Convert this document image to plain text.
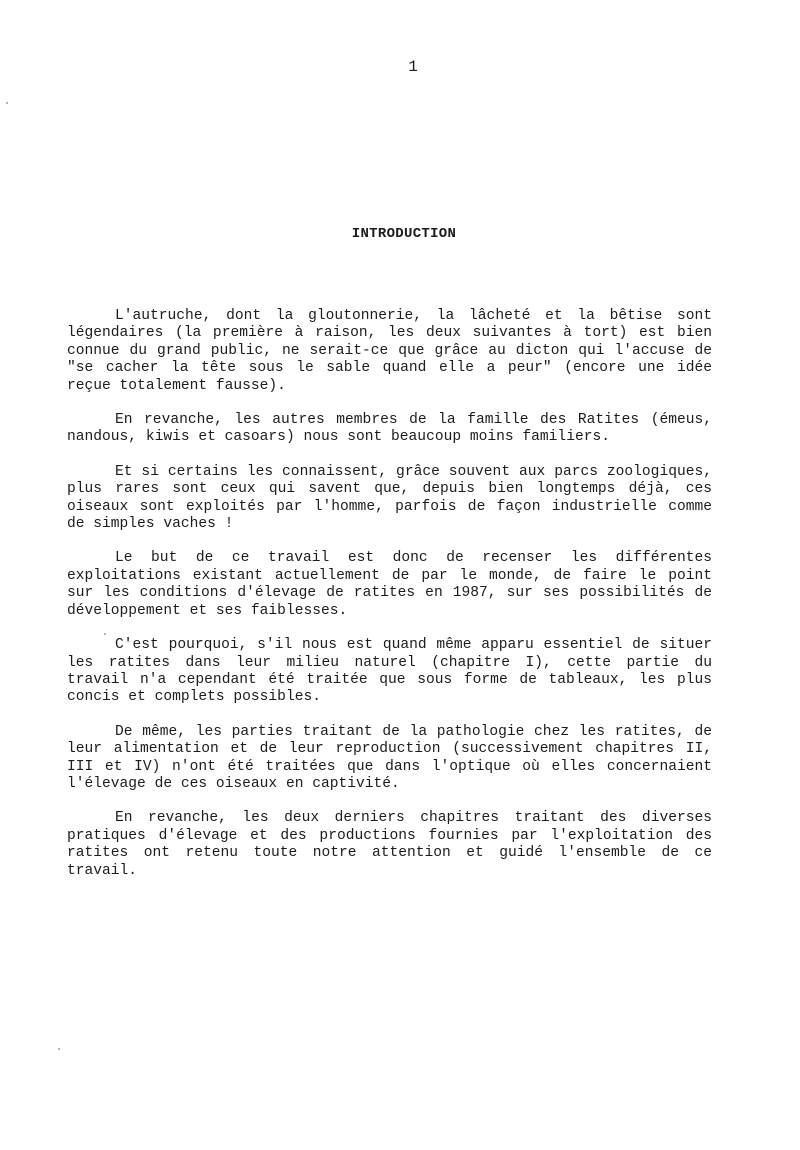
1
INTRODUCTION

L'autruche, dont la gloutonnerie, la lâcheté et la bêtise sont légendaires (la première à raison, les deux suivantes à tort) est bien connue du grand public, ne serait-ce que grâce au dicton qui l'accuse de "se cacher la tête sous le sable quand elle a peur" (encore une idée reçue totalement fausse).

En revanche, les autres membres de la famille des Ratites (émeus, nandous, kiwis et casoars) nous sont beaucoup moins familiers.

Et si certains les connaissent, grâce souvent aux parcs zoologiques, plus rares sont ceux qui savent que, depuis bien longtemps déjà, ces oiseaux sont exploités par l'homme, parfois de façon industrielle comme de simples vaches !

Le but de ce travail est donc de recenser les différentes exploitations existant actuellement de par le monde, de faire le point sur les conditions d'élevage de ratites en 1987, sur ses possibilités de développement et ses faiblesses.

C'est pourquoi, s'il nous est quand même apparu essentiel de situer les ratites dans leur milieu naturel (chapitre I), cette partie du travail n'a cependant été traitée que sous forme de tableaux, les plus concis et complets possibles.

De même, les parties traitant de la pathologie chez les ratites, de leur alimentation et de leur reproduction (successivement chapitres II, III et IV) n'ont été traitées que dans l'optique où elles concernaient l'élevage de ces oiseaux en captivité.

En revanche, les deux derniers chapitres traitant des diverses pratiques d'élevage et des productions fournies par l'exploitation des ratites ont retenu toute notre attention et guidé l'ensemble de ce travail.
